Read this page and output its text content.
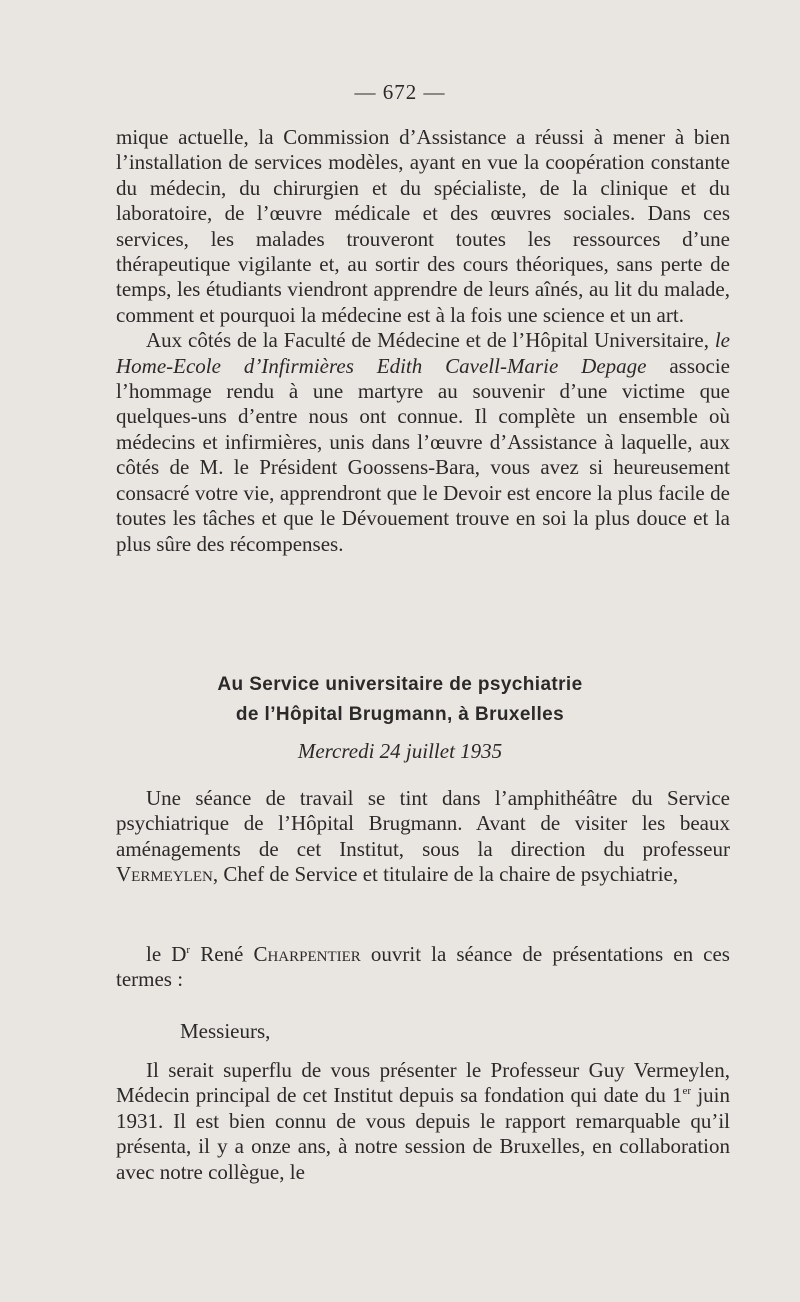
— 672 —

mique actuelle, la Commission d’Assistance a réussi à mener à bien l’installation de services modèles, ayant en vue la coopération constante du médecin, du chirurgien et du spécialiste, de la clinique et du laboratoire, de l’œuvre médicale et des œuvres sociales. Dans ces services, les malades trouveront toutes les ressources d’une thérapeutique vigilante et, au sortir des cours théoriques, sans perte de temps, les étudiants viendront apprendre de leurs aînés, au lit du malade, comment et pourquoi la médecine est à la fois une science et un art.

Aux côtés de la Faculté de Médecine et de l’Hôpital Universitaire, le Home-Ecole d’Infirmières Edith Cavell-Marie Depage associe l’hommage rendu à une martyre au souvenir d’une victime que quelques-uns d’entre nous ont connue. Il complète un ensemble où médecins et infirmières, unis dans l’œuvre d’Assistance à laquelle, aux côtés de M. le Président Goossens-Bara, vous avez si heureusement consacré votre vie, apprendront que le Devoir est encore la plus facile de toutes les tâches et que le Dévouement trouve en soi la plus douce et la plus sûre des récompenses.

Au Service universitaire de psychiatrie
de l’Hôpital Brugmann, à Bruxelles
Mercredi 24 juillet 1935

Une séance de travail se tint dans l’amphithéâtre du Service psychiatrique de l’Hôpital Brugmann. Avant de visiter les beaux aménagements de cet Institut, sous la direction du professeur Vermeylen, Chef de Service et titulaire de la chaire de psychiatrie,

le $D^r$ René Charpentier ouvrit la séance de présentations en ces termes :

Messieurs,

Il serait superflu de vous présenter le Professeur Guy Vermeylen, Médecin principal de cet Institut depuis sa fondation qui date du 1er juin 1931. Il est bien connu de vous depuis le rapport remarquable qu’il présenta, il y a onze ans, à notre session de Bruxelles, en collaboration avec notre collègue, le
